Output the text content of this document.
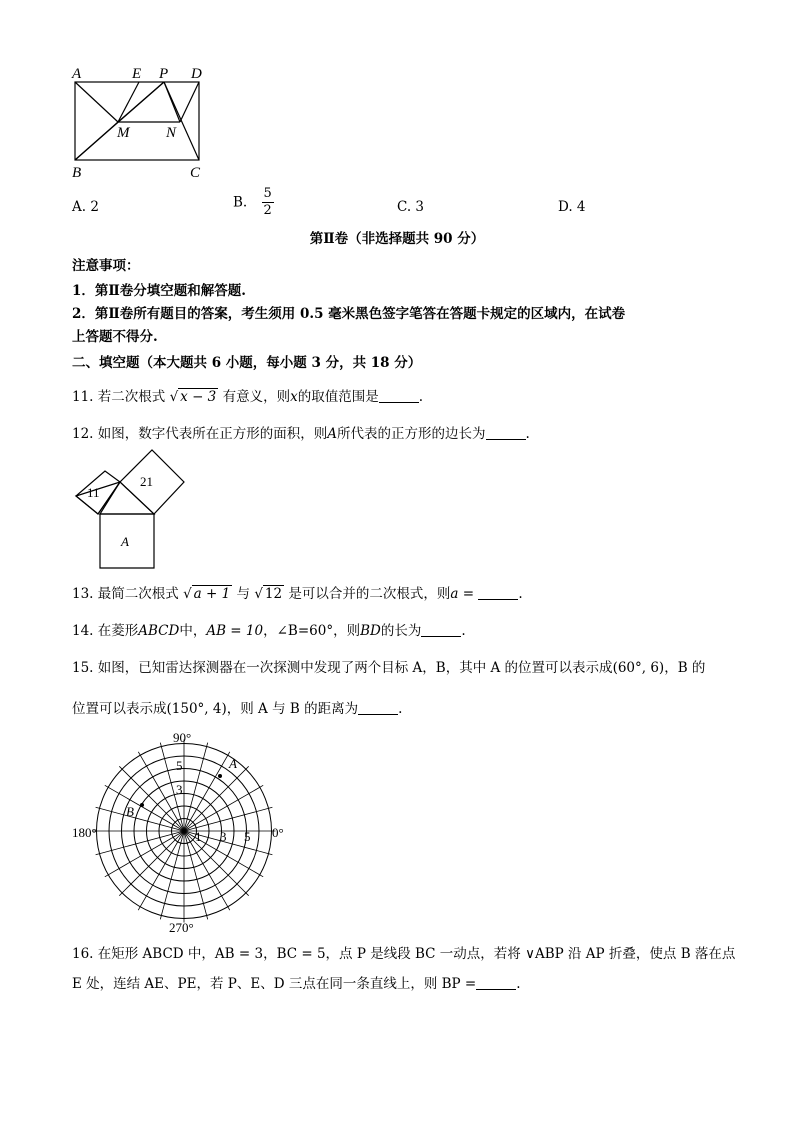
A	E P D
M N
B	C
A. 2	B. $\frac{5}{2}$	C. 3	D. 4
第Ⅱ卷（非选择题共 90 分）
注意事项：
1．第Ⅱ卷分填空题和解答题.
2．第Ⅱ卷所有题目的答案，考生须用 0.5 毫米黑色签字笔答在答题卡规定的区域内，在试卷
上答题不得分.
二、填空题（本大题共 6 小题，每小题 3 分，共 18 分）
11. 若二次根式 √ x − 3 有意义，则x的取值范围是	.
12. 如图，数字代表所在正方形的面积，则A所代表的正方形的边长为	.
11
21
A
13. 最简二次根式 √ a + 1 与 √ 12 是可以合并的二次根式，则a =	.
14. 在菱形ABCD中，AB = 10，∠B=60°，则BD的长为	.
15. 如图，已知雷达探测器在一次探测中发现了两个目标 A，B，其中 A 的位置可以表示成(60°, 6)，B 的
位置可以表示成(150°, 4)，则 A 与 B 的距离为	.
90°
180°	0°
270°
5
3
1 3 5
A
B
16. 在矩形 ABCD 中，AB = 3，BC = 5，点 P 是线段 BC 一动点，若将 ∨ABP 沿 AP 折叠，使点 B 落在点
E 处，连结 AE、PE，若 P、E、D 三点在同一条直线上，则 BP =	.
